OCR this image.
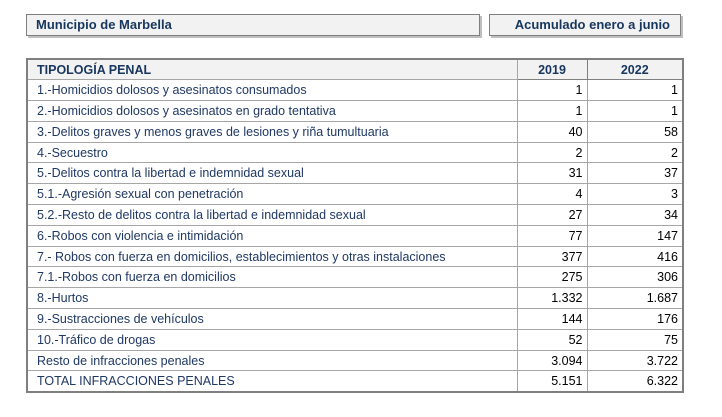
Municipio de Marbella	Acumulado enero a junio
TIPOLOGÍA PENAL	2019	2022
1.-Homicidios dolosos y asesinatos consumados	1	1
2.-Homicidios dolosos y asesinatos en grado tentativa	1	1
3.-Delitos graves y menos graves de lesiones y riña tumultuaria	40	58
4.-Secuestro	2	2
5.-Delitos contra la libertad e indemnidad sexual	31	37
5.1.-Agresión sexual con penetración	4	3
5.2.-Resto de delitos contra la libertad e indemnidad sexual	27	34
6.-Robos con violencia e intimidación	77	147
7.- Robos con fuerza en domicilios, establecimientos y otras instalaciones	377	416
7.1.-Robos con fuerza en domicilios	275	306
8.-Hurtos	1.332	1.687
9.-Sustracciones de vehículos	144	176
10.-Tráfico de drogas	52	75
Resto de infracciones penales	3.094	3.722
TOTAL INFRACCIONES PENALES	5.151	6.322
